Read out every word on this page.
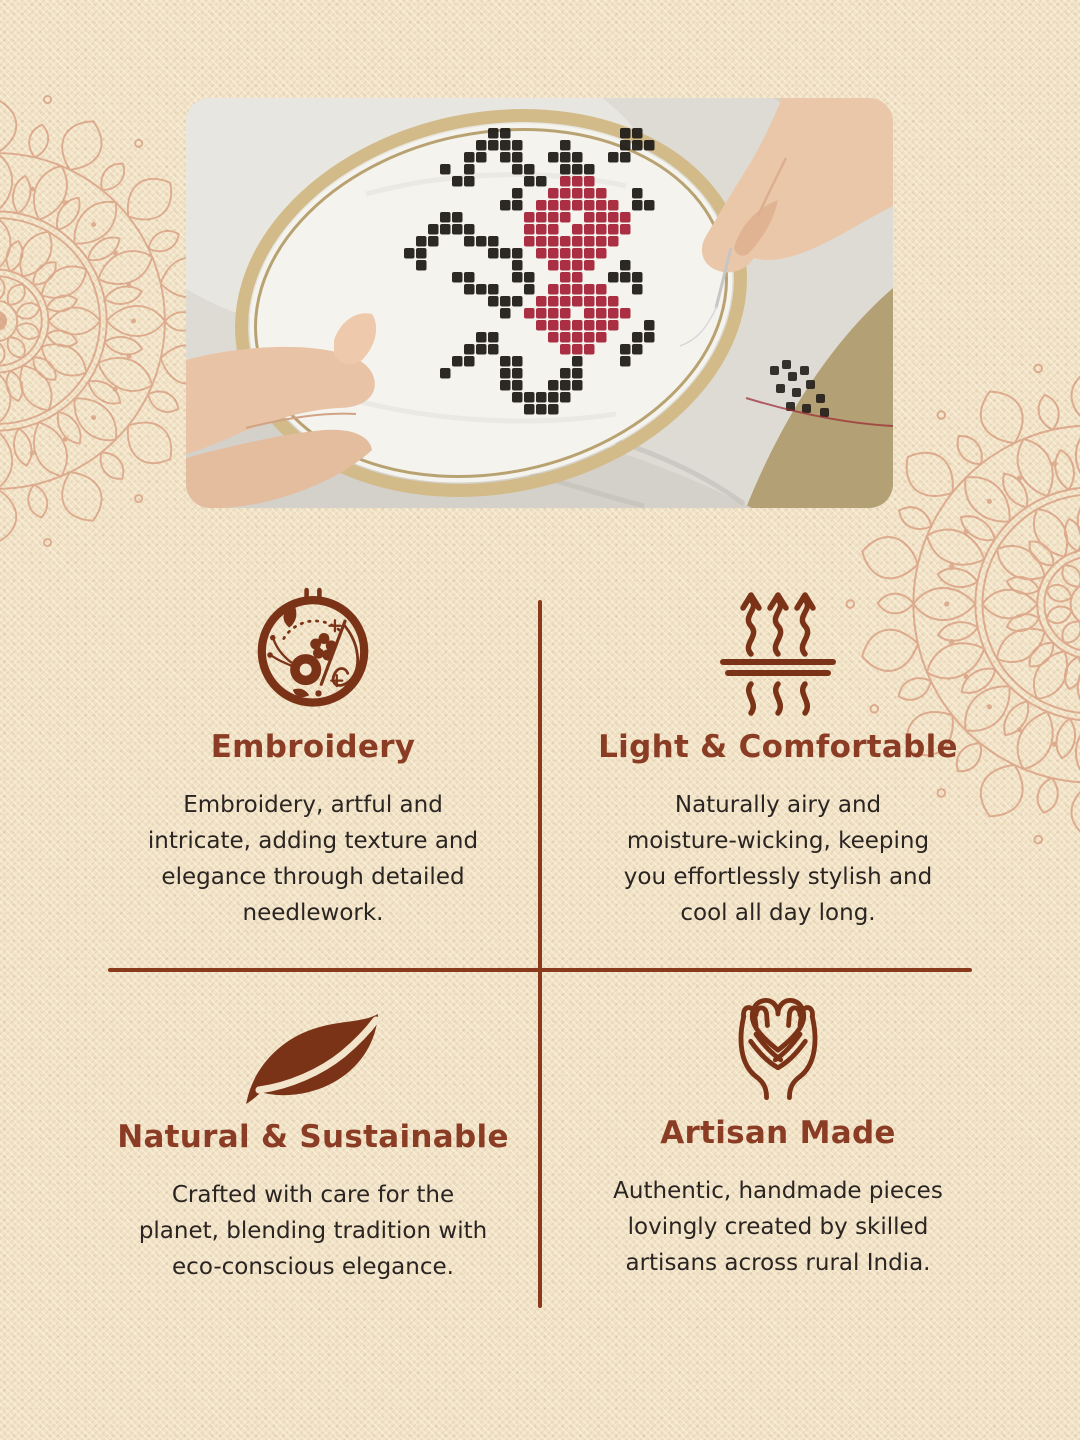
Embroidery
Embroidery, artful and
intricate, adding texture and
elegance through detailed
needlework.
Light & Comfortable
Naturally airy and
moisture-wicking, keeping
you effortlessly stylish and
cool all day long.
Natural & Sustainable
Crafted with care for the
planet, blending tradition with
eco-conscious elegance.
Artisan Made
Authentic, handmade pieces
lovingly created by skilled
artisans across rural India.
